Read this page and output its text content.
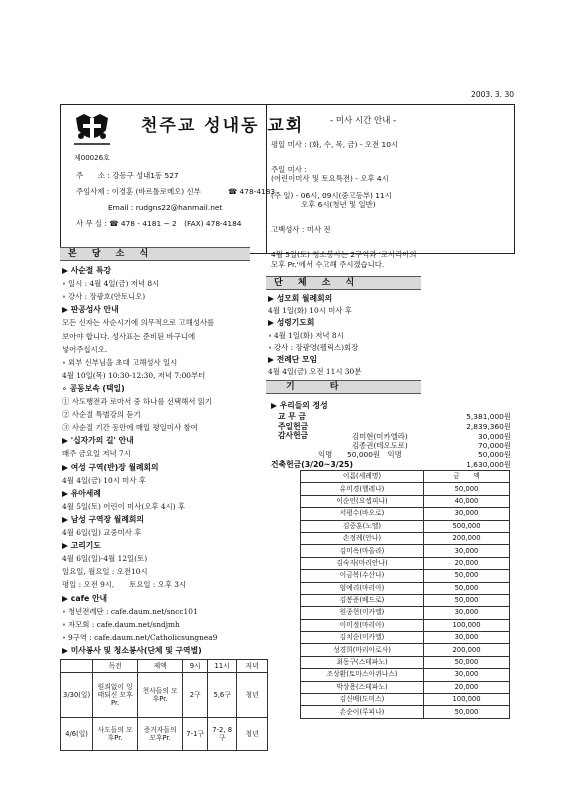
2003. 3. 30
천주교 성내동 교회
제00026호
주　　소 : 강동구 성내1동 527
주임사제 : 이경훈 (바르톨로메오) 신부	☎ 478-4183
Email : rudgns22@hanmail.net
사 무 실 : ☎ 478 - 4181 ~ 2　(FAX) 478-4184
- 미사 시간 안내 -
평일 미사 : (화, 수, 목, 금) - 오전 10시
주일 미사 :
(어린이미사 및 토요특전) - 오후 4시
(주 일) - 06시, 09시(중고등부) 11시
오후 6시(청년 및 일반)
고백성사 : 미사 전
본 당 소 식
▶ 사순절 특강
∘ 일시 : 4월 4일(금) 저녁 8시
∘ 강사 : 장광호(안토니오)
▶ 판공성사 안내
모든 신자는 사순시기에 의무적으로 고해성사를
보아야 합니다. 성사표는 준비된 바구니에
넣어주십시오.
∘ 외부 신부님을 초대 고해성사 일시
4월 10일(목) 10:30-12:30, 저녁 7:00부터
∘ 공동보속 (택일)
① 사도행전과 로마서 중 하나를 선택해서 읽기
② 사순절 특별강의 듣기
③ 사순절 기간 동안에 매일 평일미사 참여
▶ '십자가의 길' 안내
매주 금요일 저녁 7시
▶ 여성 구역(반)장 월례회의
4월 4일(금) 10시 미사 후
▶ 유아세례
4월 5일(토) 어린이 미사(오후 4시) 후
▶ 남성 구역장 월례회의
4월 6일(일) 교중미사 후
▶ 고리기도
4월 6일(일)-4월 12일(토)
일요일, 월요일 : 오전10시
평일 : 오전 9시,　　토요일 : 오후 3시
▶ cafe 안내
∘ 청년전례단 : cafe.daum.net/sncc101
∘ 자모회 : cafe.daum.net/sndjmh
∘ 9구역 : cafe.daum.net/Catholicsungnea9
▶ 미사봉사 및 청소봉사(단체 및 구역별)
	독전	제액	9시	11시	저녁
3/30(일)	원죄없이 잉태되신 모후Pr.	천사들의 모후Pr.	2구	5,6구	청년
4/6(일)	사도들의 모후Pr.	증거자들의 모후Pr.	7-1구	7-2, 8구	청년
4월 5일(토) 청소봉사는 2구역과 '로사리아의
모후 Pr.'에서 수고해 주시겠습니다.
단 체 소 식
▶ 성모회 월례회의
4월 1일(화) 10시 미사 후
▶ 성령기도회
∘ 4월 1일(화) 저녁 8시
∘ 강사 : 장광영(펠릭스)회장
▶ 전례단 모임
4월 4일(금) 오전 11시 30분
기　　　타
▶ 우리들의 정성
교 무 금	5,381,000원
주일헌금	2,839,360원
감사헌금	김미현(미카엘라)	30,000원
김종권(테오도로)	70,000원
익명　　50,000원　익명	50,000원
건축헌금(3/20~3/25)	1,630,000원
이름(세례명)	금　　액
유미경(헬레나)	50,000
이순인(요셉피나)	40,000
서평수(바오로)	30,000
김중훈(노엘)	500,000
손정례(안나)	200,000
김미옥(마올라)	30,000
김숙자(마리안나)	20,000
이금복(수산나)	50,000
엄예리(마리아)	50,000
김봉준(베드로)	50,000
원종현(미카엘)	30,000
이미정(마리아)	100,000
김치순(미카엘)	30,000
성경희(마리아로사)	200,000
최동구(스테파노)	50,000
조상환(토마스아퀴나스)	30,000
박상용(스테파노)	20,000
김신배(도미스)	100,000
손순이(루피나)	50,000
